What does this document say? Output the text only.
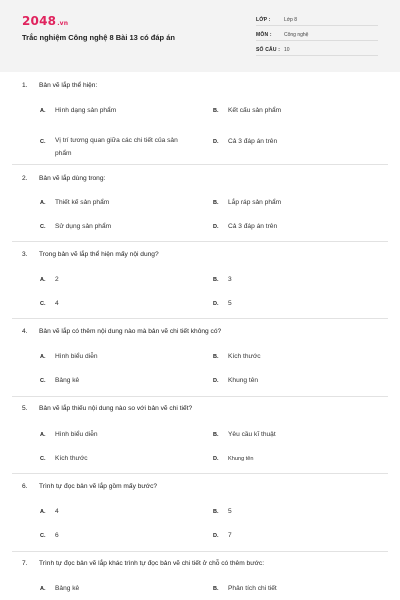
2048.vn
Trắc nghiệm Công nghệ 8 Bài 13 có đáp án
LỚP :	Lớp 8
MÔN : Công nghệ
SỐ CÂU : 10
1. Bản vẽ lắp thể hiện:
A. Hình dạng sản phẩm	B. Kết cấu sản phẩm
C. Vị trí tương quan giữa các chi tiết của sản phẩm
D. Cả 3 đáp án trên
2. Bản vẽ lắp dùng trong:
A. Thiết kế sản phẩm	B. Lắp ráp sản phẩm
C. Sử dụng sản phẩm	D. Cả 3 đáp án trên
3. Trong bản vẽ lắp thể hiện mấy nội dung?
A. 2	B. 3
C. 4	D. 5
4. Bản vẽ lắp có thêm nội dung nào mà bản vẽ chi tiết không có?
A. Hình biểu diễn	B. Kích thước
C. Bảng kê	D. Khung tên
5. Bản vẽ lắp thiếu nội dung nào so với bản vẽ chi tiết?
A. Hình biểu diễn	B. Yêu cầu kĩ thuật
C. Kích thước	D. Khung tên
6. Trình tự đọc bản vẽ lắp gồm mấy bước?
A. 4	B. 5
C. 6	D. 7
7. Trình tự đọc bản vẽ lắp khác trình tự đọc bản vẽ chi tiết ở chỗ có thêm bước:
A. Bảng kê	B. Phân tích chi tiết
